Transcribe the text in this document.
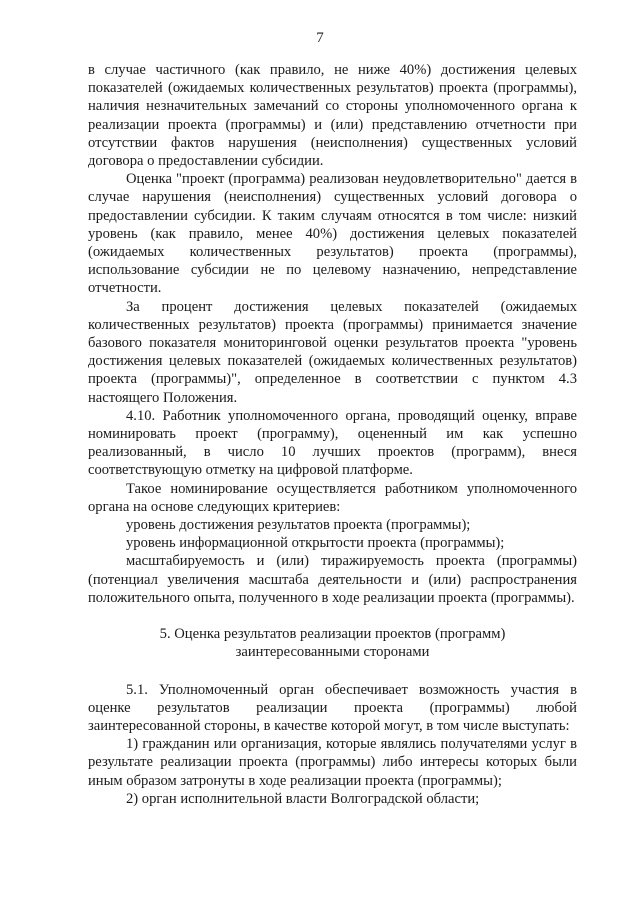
7

в случае частичного (как правило, не ниже 40%) достижения целевых показателей (ожидаемых количественных результатов) проекта (программы), наличия незначительных замечаний со стороны уполномоченного органа к реализации проекта (программы) и (или) представлению отчетности при отсутствии фактов нарушения (неисполнения) существенных условий договора о предоставлении субсидии.

Оценка "проект (программа) реализован неудовлетворительно" дается в случае нарушения (неисполнения) существенных условий договора о предоставлении субсидии. К таким случаям относятся в том числе: низкий уровень (как правило, менее 40%) достижения целевых показателей (ожидаемых количественных результатов) проекта (программы), использование субсидии не по целевому назначению, непредставление отчетности.

За процент достижения целевых показателей (ожидаемых количественных результатов) проекта (программы) принимается значение базового показателя мониторинговой оценки результатов проекта "уровень достижения целевых показателей (ожидаемых количественных результатов) проекта (программы)", определенное в соответствии с пунктом 4.3 настоящего Положения.

4.10. Работник уполномоченного органа, проводящий оценку, вправе номинировать проект (программу), оцененный им как успешно реализованный, в число 10 лучших проектов (программ), внеся соответствующую отметку на цифровой платформе.

Такое номинирование осуществляется работником уполномоченного органа на основе следующих критериев:

уровень достижения результатов проекта (программы);

уровень информационной открытости проекта (программы);

масштабируемость и (или) тиражируемость проекта (программы) (потенциал увеличения масштаба деятельности и (или) распространения положительного опыта, полученного в ходе реализации проекта (программы).

5. Оценка результатов реализации проектов (программ)

заинтересованными сторонами

5.1. Уполномоченный орган обеспечивает возможность участия в оценке результатов реализации проекта (программы) любой заинтересованной стороны, в качестве которой могут, в том числе выступать:

1) гражданин или организация, которые являлись получателями услуг в результате реализации проекта (программы) либо интересы которых были иным образом затронуты в ходе реализации проекта (программы);

2) орган исполнительной власти Волгоградской области;
